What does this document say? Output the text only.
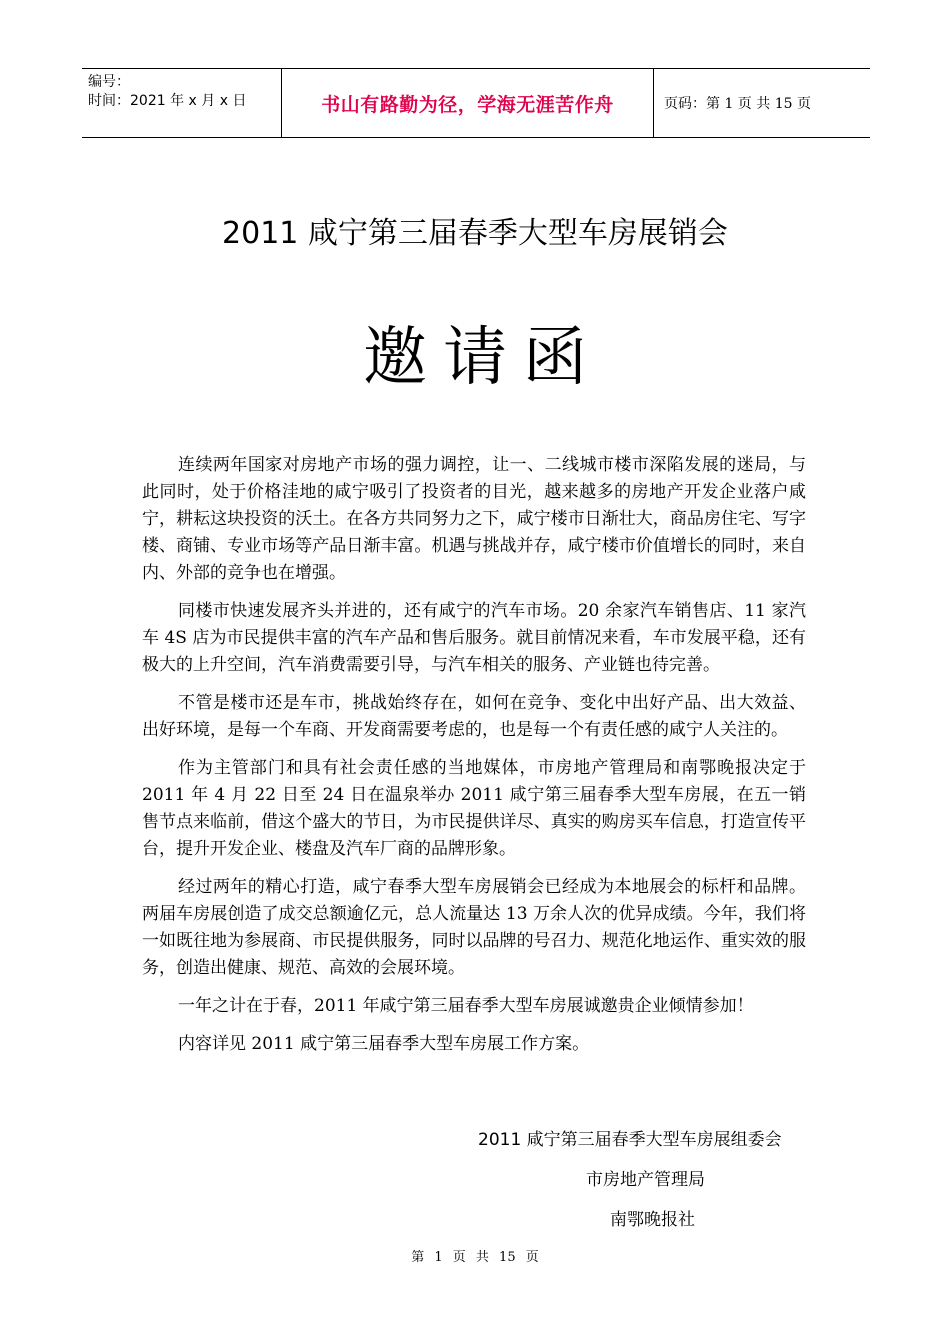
编号：
时间：2021 年 x 月 x 日	书山有路勤为径，学海无涯苦作舟	页码：第 1 页 共 15 页
2011 咸宁第三届春季大型车房展销会
邀请函

连续两年国家对房地产市场的强力调控，让一、二线城市楼市深陷发展的迷局，与此同时，处于价格洼地的咸宁吸引了投资者的目光，越来越多的房地产开发企业落户咸宁，耕耘这块投资的沃土。在各方共同努力之下，咸宁楼市日渐壮大，商品房住宅、写字楼、商铺、专业市场等产品日渐丰富。机遇与挑战并存，咸宁楼市价值增长的同时，来自内、外部的竞争也在增强。

同楼市快速发展齐头并进的，还有咸宁的汽车市场。20 余家汽车销售店、11 家汽车 4S 店为市民提供丰富的汽车产品和售后服务。就目前情况来看，车市发展平稳，还有极大的上升空间，汽车消费需要引导，与汽车相关的服务、产业链也待完善。

不管是楼市还是车市，挑战始终存在，如何在竞争、变化中出好产品、出大效益、出好环境，是每一个车商、开发商需要考虑的，也是每一个有责任感的咸宁人关注的。

作为主管部门和具有社会责任感的当地媒体，市房地产管理局和南鄂晚报决定于 2011 年 4 月 22 日至 24 日在温泉举办 2011 咸宁第三届春季大型车房展，在五一销售节点来临前，借这个盛大的节日，为市民提供详尽、真实的购房买车信息，打造宣传平台，提升开发企业、楼盘及汽车厂商的品牌形象。

经过两年的精心打造，咸宁春季大型车房展销会已经成为本地展会的标杆和品牌。两届车房展创造了成交总额逾亿元，总人流量达 13 万余人次的优异成绩。今年，我们将一如既往地为参展商、市民提供服务，同时以品牌的号召力、规范化地运作、重实效的服务，创造出健康、规范、高效的会展环境。

一年之计在于春，2011 年咸宁第三届春季大型车房展诚邀贵企业倾情参加！

内容详见 2011 咸宁第三届春季大型车房展工作方案。

2011 咸宁第三届春季大型车房展组委会
市房地产管理局
南鄂晚报社
第 1 页 共 15 页
